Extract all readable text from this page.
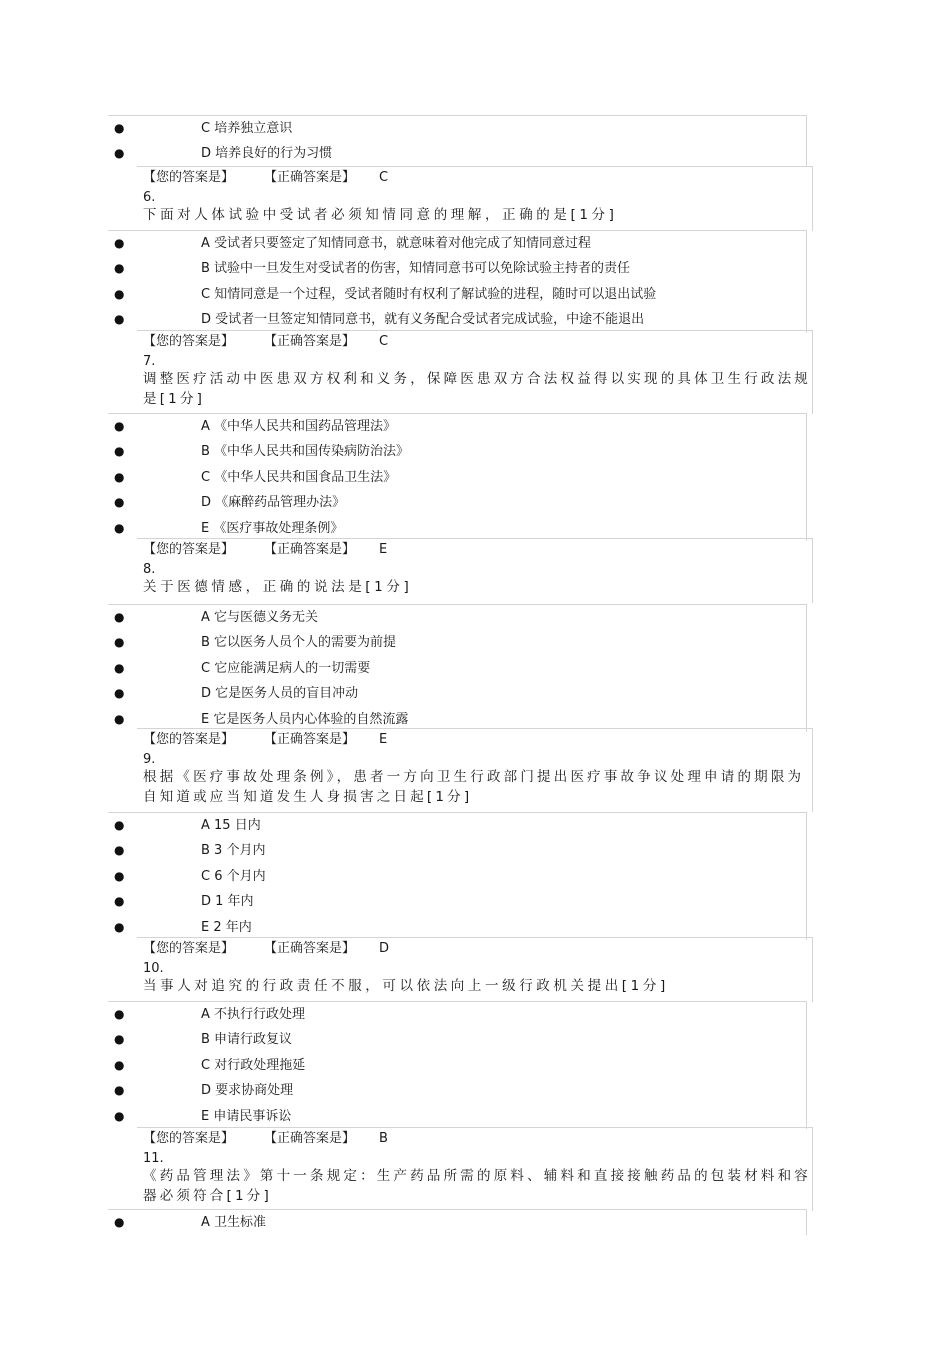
●	C 培养独立意识
●	D 培养良好的行为习惯
【您的答案是】 【正确答案是】 C
6.
下面对人体试验中受试者必须知情同意的理解，正确的是[1分]
●	A 受试者只要签定了知情同意书，就意味着对他完成了知情同意过程
●	B 试验中一旦发生对受试者的伤害，知情同意书可以免除试验主持者的责任
●	C 知情同意是一个过程，受试者随时有权利了解试验的进程，随时可以退出试验
●	D 受试者一旦签定知情同意书，就有义务配合受试者完成试验，中途不能退出
【您的答案是】 【正确答案是】 C
7.
调整医疗活动中医患双方权利和义务，保障医患双方合法权益得以实现的具体卫生行政法规是[1分]
●	A 《中华人民共和国药品管理法》
●	B 《中华人民共和国传染病防治法》
●	C 《中华人民共和国食品卫生法》
●	D 《麻醉药品管理办法》
●	E 《医疗事故处理条例》
【您的答案是】 【正确答案是】 E
8.
关于医德情感，正确的说法是[1分]
●	A 它与医德义务无关
●	B 它以医务人员个人的需要为前提
●	C 它应能满足病人的一切需要
●	D 它是医务人员的盲目冲动
●	E 它是医务人员内心体验的自然流露
【您的答案是】 【正确答案是】 E
9.
根据《医疗事故处理条例》，患者一方向卫生行政部门提出医疗事故争议处理申请的期限为自知道或应当知道发生人身损害之日起[1分]
●	A 15 日内
●	B 3 个月内
●	C 6 个月内
●	D 1 年内
●	E 2 年内
【您的答案是】 【正确答案是】 D
10.
当事人对追究的行政责任不服，可以依法向上一级行政机关提出[1分]
●	A 不执行行政处理
●	B 申请行政复议
●	C 对行政处理拖延
●	D 要求协商处理
●	E 申请民事诉讼
【您的答案是】 【正确答案是】 B
11.
《药品管理法》第十一条规定：生产药品所需的原料、辅料和直接接触药品的包装材料和容器必须符合[1分]
●	A 卫生标准
